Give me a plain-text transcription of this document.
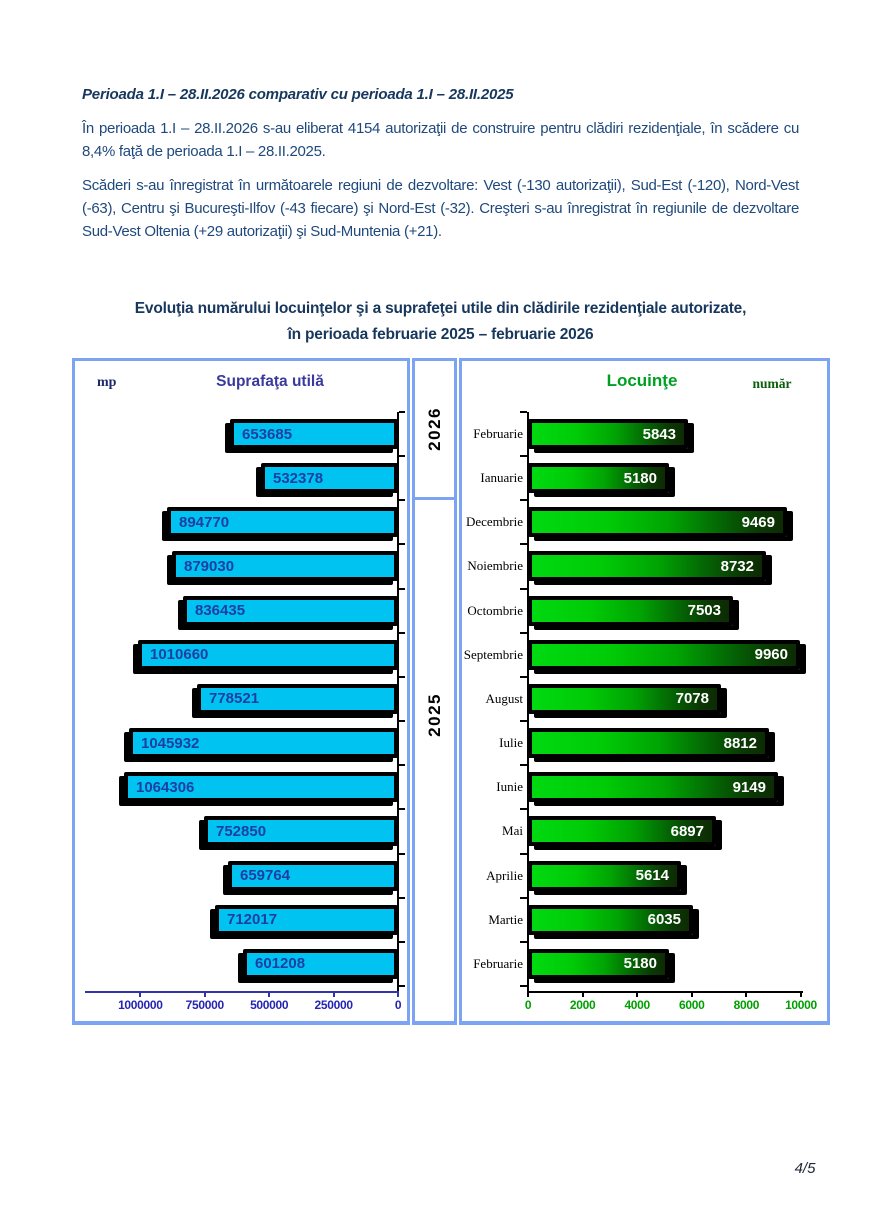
Perioada 1.I – 28.II.2026 comparativ cu perioada 1.I – 28.II.2025
În perioada 1.I – 28.II.2026 s-au eliberat 4154 autorizaţii de construire pentru clădiri rezidenţiale, în scădere cu 8,4% faţă de perioada 1.I – 28.II.2025.
Scăderi s-au înregistrat în următoarele regiuni de dezvoltare: Vest (-130 autorizaţii), Sud-Est (-120), Nord-Vest (-63), Centru şi Bucureşti-Ilfov (-43 fiecare) şi Nord-Est (-32). Creşteri s-au înregistrat în regiunile de dezvoltare Sud-Vest Oltenia (+29 autorizaţii) şi Sud-Muntenia (+21).
Evoluţia numărului locuinţelor şi a suprafeţei utile din clădirile rezidenţiale autorizate,
în perioada februarie 2025 – februarie 2026
mp	Suprafaţa utilă
653685
532378
894770
879030
836435
1010660
778521
1045932
1064306
752850
659764
712017
601208
1000000	750000	500000	250000	0
2026
2025
Locuinţe	număr
Februarie	5843
Ianuarie	5180
Decembrie	9469
Noiembrie	8732
Octombrie	7503
Septembrie	9960
August	7078
Iulie	8812
Iunie	9149
Mai	6897
Aprilie	5614
Martie	6035
Februarie	5180
0	2000	4000	6000	8000	10000
4/5
